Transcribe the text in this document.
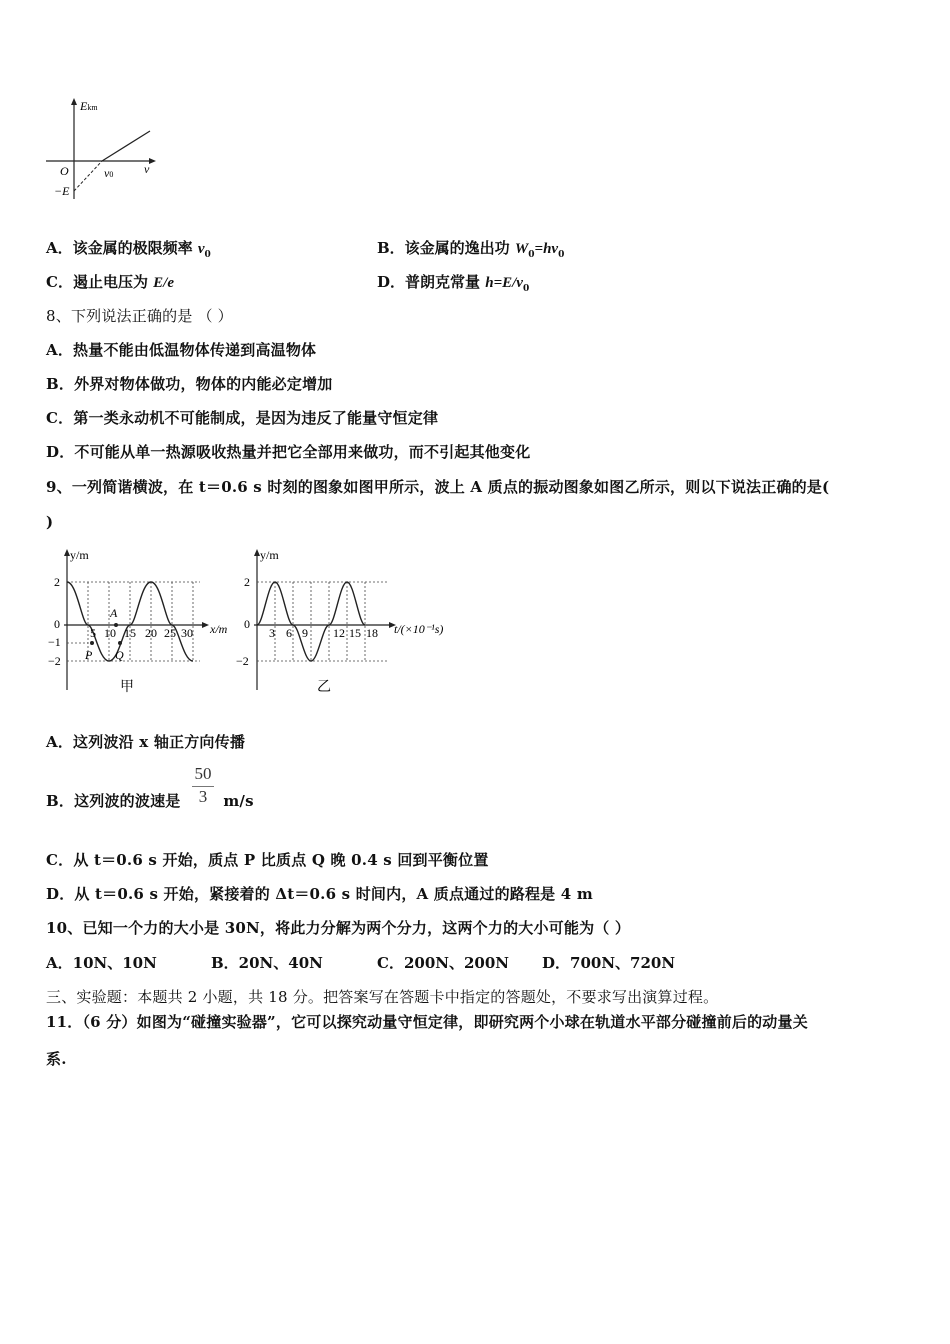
Ekm
v
O	v0
−E
A．该金属的极限频率 $v_0$	B．该金属的逸出功 $W_0=hv_0$
C．遏止电压为 E/e	D．普朗克常量 $h=E/v_0$
8、下列说法正确的是 （ ）
A．热量不能由低温物体传递到高温物体
B．外界对物体做功，物体的内能必定增加
C．第一类永动机不可能制成，是因为违反了能量守恒定律
D．不可能从单一热源吸收热量并把它全部用来做功，而不引起其他变化
9、一列简谐横波，在 t＝0.6 s 时刻的图象如图甲所示，波上 A 质点的振动图象如图乙所示，则以下说法正确的是(
)
y/m
x/m
2
0
−1
−2
5 10 15 20 25 30
A
P Q
甲
y/m
t/(×10⁻¹s)
2
0
−2
3 6 9 12 15 18
乙
A．这列波沿 x 轴正方向传播
B．这列波的波速是	m/s
50
3
C．从 t＝0.6 s 开始，质点 P 比质点 Q 晚 0.4 s 回到平衡位置
D．从 t＝0.6 s 开始，紧接着的 Δt＝0.6 s 时间内，A 质点通过的路程是 4 m
10、已知一个力的大小是 30N，将此力分解为两个分力，这两个力的大小可能为（ ）
A．10N、10N	B．20N、40N	C．200N、200N D．700N、720N
三、实验题：本题共 2 小题，共 18 分。把答案写在答题卡中指定的答题处，不要求写出演算过程。
11．（6 分）如图为“碰撞实验器”，它可以探究动量守恒定律，即研究两个小球在轨道水平部分碰撞前后的动量关
系.
